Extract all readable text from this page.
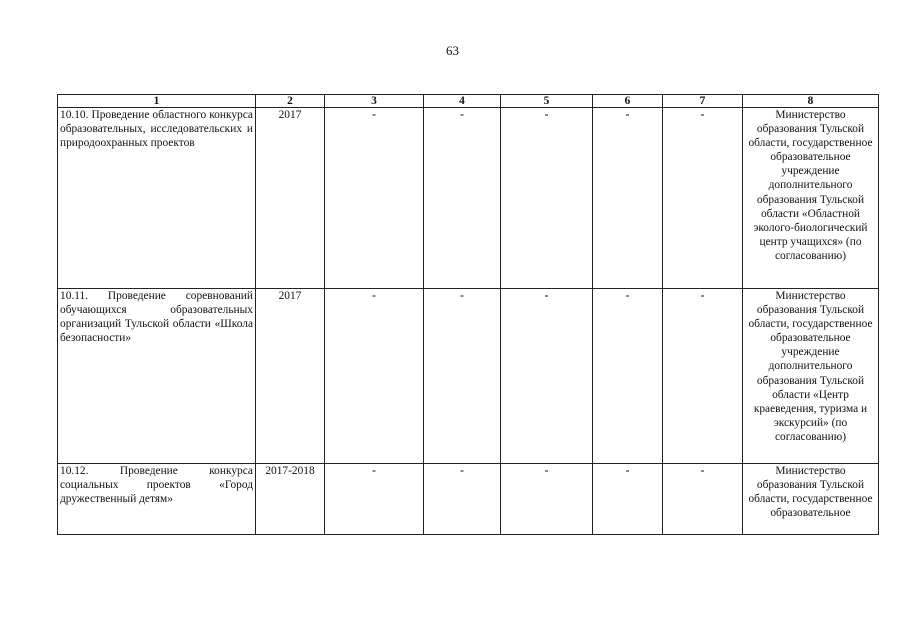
63
1	2	3	4	5	6	7	8
10.10. Проведение областного конкурса образовательных, исследовательских и природоохранных проектов	2017	-	-	-	-	-	Министерство образования Тульской области, государственное образовательное учреждение дополнительного образования Тульской области «Областной эколого-биологический центр учащихся» (по согласованию)
10.11. Проведение соревнований обучающихся образовательных организаций Тульской области «Школа безопасности»	2017	-	-	-	-	-	Министерство образования Тульской области, государственное образовательное учреждение дополнительного образования Тульской области «Центр краеведения, туризма и экскурсий» (по согласованию)
10.12. Проведение конкурса социальных проектов «Город дружественный детям»	2017-2018	-	-	-	-	-	Министерство образования Тульской области, государственное образовательное
